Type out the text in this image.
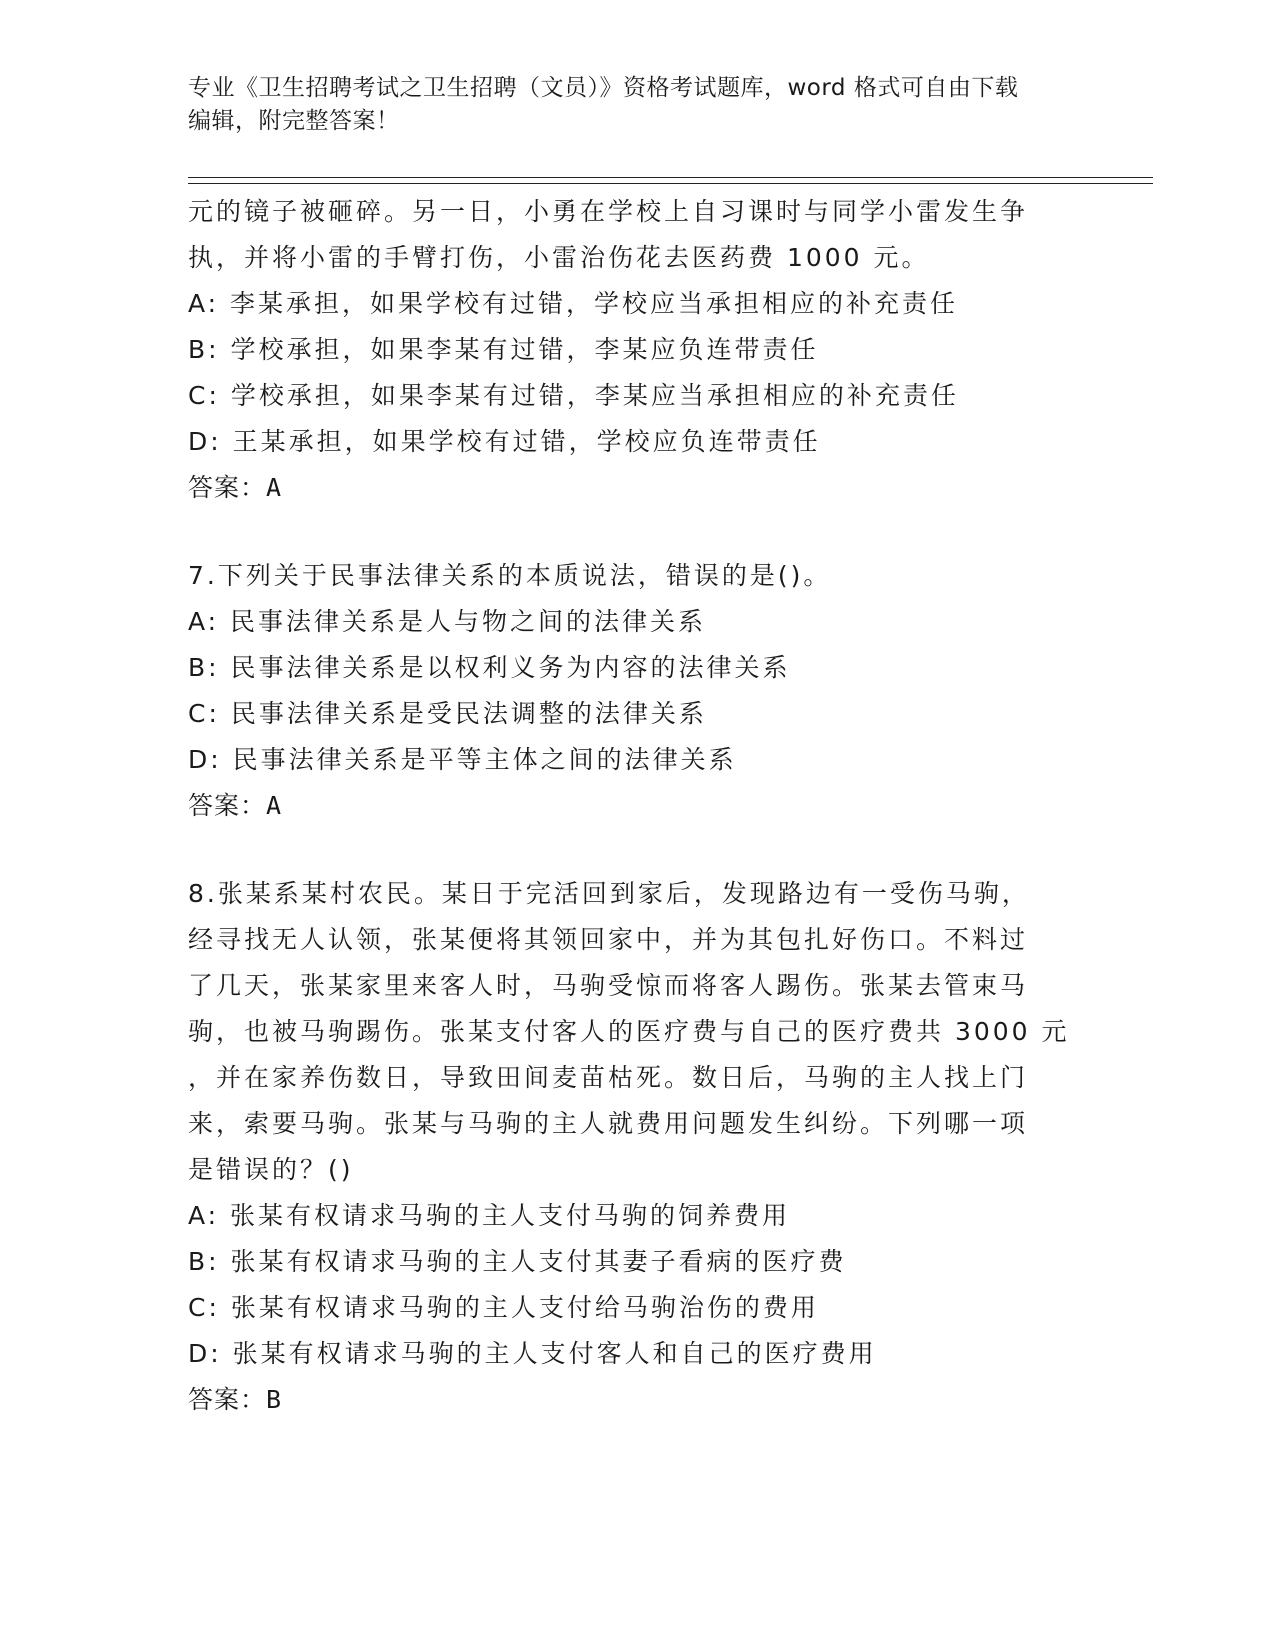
专业《卫生招聘考试之卫生招聘（文员）》资格考试题库，word 格式可自由下载
编辑，附完整答案！
元的镜子被砸碎。另一日，小勇在学校上自习课时与同学小雷发生争
执，并将小雷的手臂打伤，小雷治伤花去医药费 1000 元。
A: 李某承担，如果学校有过错，学校应当承担相应的补充责任
B: 学校承担，如果李某有过错，李某应负连带责任
C: 学校承担，如果李某有过错，李某应当承担相应的补充责任
D: 王某承担，如果学校有过错，学校应负连带责任
答案：A
7.下列关于民事法律关系的本质说法，错误的是()。
A: 民事法律关系是人与物之间的法律关系
B: 民事法律关系是以权利义务为内容的法律关系
C: 民事法律关系是受民法调整的法律关系
D: 民事法律关系是平等主体之间的法律关系
答案：A
8.张某系某村农民。某日于完活回到家后，发现路边有一受伤马驹，
经寻找无人认领，张某便将其领回家中，并为其包扎好伤口。不料过
了几天，张某家里来客人时，马驹受惊而将客人踢伤。张某去管束马
驹，也被马驹踢伤。张某支付客人的医疗费与自己的医疗费共 3000 元
，并在家养伤数日，导致田间麦苗枯死。数日后，马驹的主人找上门
来，索要马驹。张某与马驹的主人就费用问题发生纠纷。下列哪一项
是错误的？()
A: 张某有权请求马驹的主人支付马驹的饲养费用
B: 张某有权请求马驹的主人支付其妻子看病的医疗费
C: 张某有权请求马驹的主人支付给马驹治伤的费用
D: 张某有权请求马驹的主人支付客人和自己的医疗费用
答案：B
